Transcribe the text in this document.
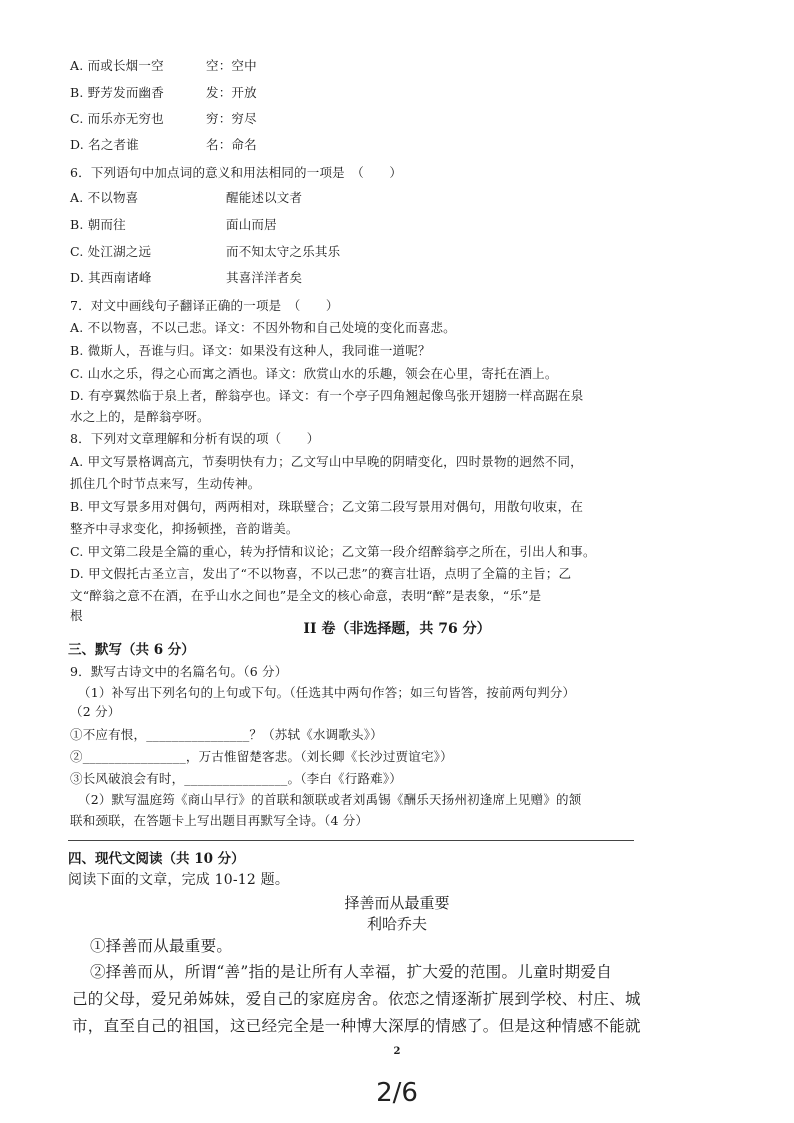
A. 而或长烟一空	空：空中
B. 野芳发而幽香	发：开放
C. 而乐亦无穷也	穷：穷尽
D. 名之者谁	名：命名
6．下列语句中加点词的意义和用法相同的一项是　（　　）
A. 不以物喜	醒能述以文者
B. 朝而往	面山而居
C. 处江湖之远	而不知太守之乐其乐
D. 其西南诸峰	其喜洋洋者矣
7．对文中画线句子翻译正确的一项是　（　　）
A. 不以物喜，不以己悲。译文：不因外物和自己处境的变化而喜悲。
B. 微斯人，吾谁与归。译文：如果没有这种人，我同谁一道呢？
C. 山水之乐，得之心而寓之酒也。译文：欣赏山水的乐趣，领会在心里，寄托在酒上。
D. 有亭翼然临于泉上者，醉翁亭也。译文：有一个亭子四角翘起像鸟张开翅膀一样高踞在泉
水之上的，是醉翁亭呀。
8．下列对文章理解和分析有误的项（　　）
A. 甲文写景格调高亢，节奏明快有力；乙文写山中早晚的阴晴变化，四时景物的迥然不同，
抓住几个时节点来写，生动传神。
B. 甲文写景多用对偶句，两两相对，珠联璧合；乙文第二段写景用对偶句，用散句收束，在
整齐中寻求变化，抑扬顿挫，音韵谐美。
C. 甲文第二段是全篇的重心，转为抒情和议论；乙文第一段介绍醉翁亭之所在，引出人和事。
D. 甲文假托古圣立言，发出了“不以物喜，不以己悲”的赛言壮语，点明了全篇的主旨；乙
文“醉翁之意不在酒，在乎山水之间也”是全文的核心命意，表明“醉”是表象，“乐”是
根
II 卷（非选择题，共 76 分）
三、默写（共 6 分）
9．默写古诗文中的名篇名句。（6 分）
（1）补写出下列名句的上句或下句。（任选其中两句作答；如三句皆答，按前两句判分）
（2 分）
①不应有恨，________________？（苏轼《水调歌头》）
②________________，万古惟留楚客悲。（刘长卿《长沙过贾谊宅》）
③长风破浪会有时，________________。（李白《行路难》）
（2）默写温庭筠《商山早行》的首联和颔联或者刘禹锡《酬乐天扬州初逢席上见赠》的颔
联和颈联，在答题卡上写出题目再默写全诗。（4 分）
四、现代文阅读（共 10 分）
阅读下面的文章，完成 10-12 题。
择善而从最重要
利哈乔夫
①择善而从最重要。
②择善而从，所谓“善”指的是让所有人幸福，扩大爱的范围。儿童时期爱自
己的父母，爱兄弟姊妹，爱自己的家庭房舍。依恋之情逐渐扩展到学校、村庄、城
市，直至自己的祖国，这已经完全是一种博大深厚的情感了。但是这种情感不能就
2
2/6
